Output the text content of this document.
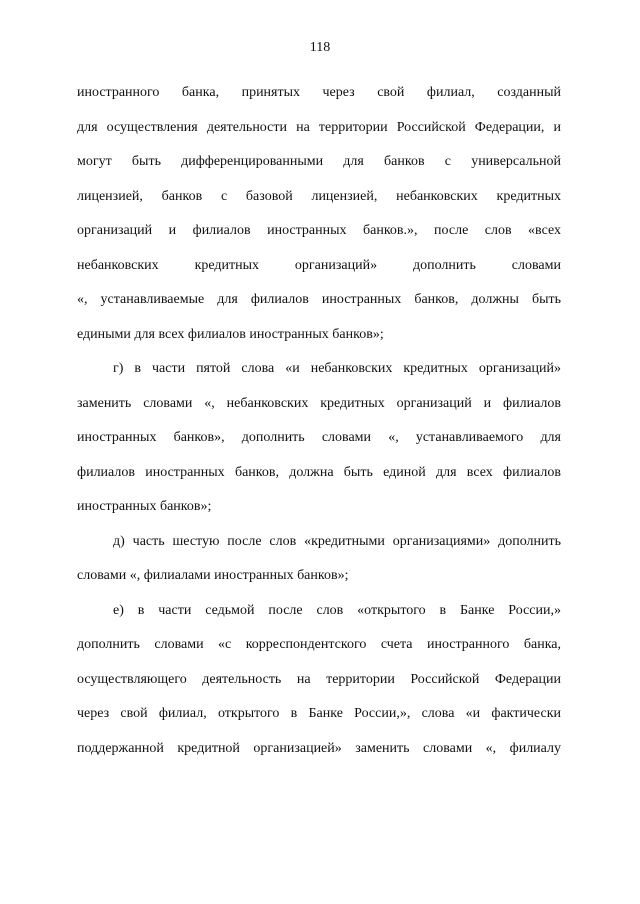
118

иностранного банка, принятых через свой филиал, созданный

для осуществления деятельности на территории Российской Федерации, и

могут быть дифференцированными для банков с универсальной

лицензией, банков с базовой лицензией, небанковских кредитных

организаций и филиалов иностранных банков.», после слов «всех

небанковских кредитных организаций» дополнить словами

«, устанавливаемые для филиалов иностранных банков, должны быть

едиными для всех филиалов иностранных банков»;

г) в части пятой слова «и небанковских кредитных организаций»

заменить словами «, небанковских кредитных организаций и филиалов

иностранных банков», дополнить словами «, устанавливаемого для

филиалов иностранных банков, должна быть единой для всех филиалов

иностранных банков»;

д) часть шестую после слов «кредитными организациями» дополнить

словами «, филиалами иностранных банков»;

е) в части седьмой после слов «открытого в Банке России,»

дополнить словами «с корреспондентского счета иностранного банка,

осуществляющего деятельность на территории Российской Федерации

через свой филиал, открытого в Банке России,», слова «и фактически

поддержанной кредитной организацией» заменить словами «, филиалу
